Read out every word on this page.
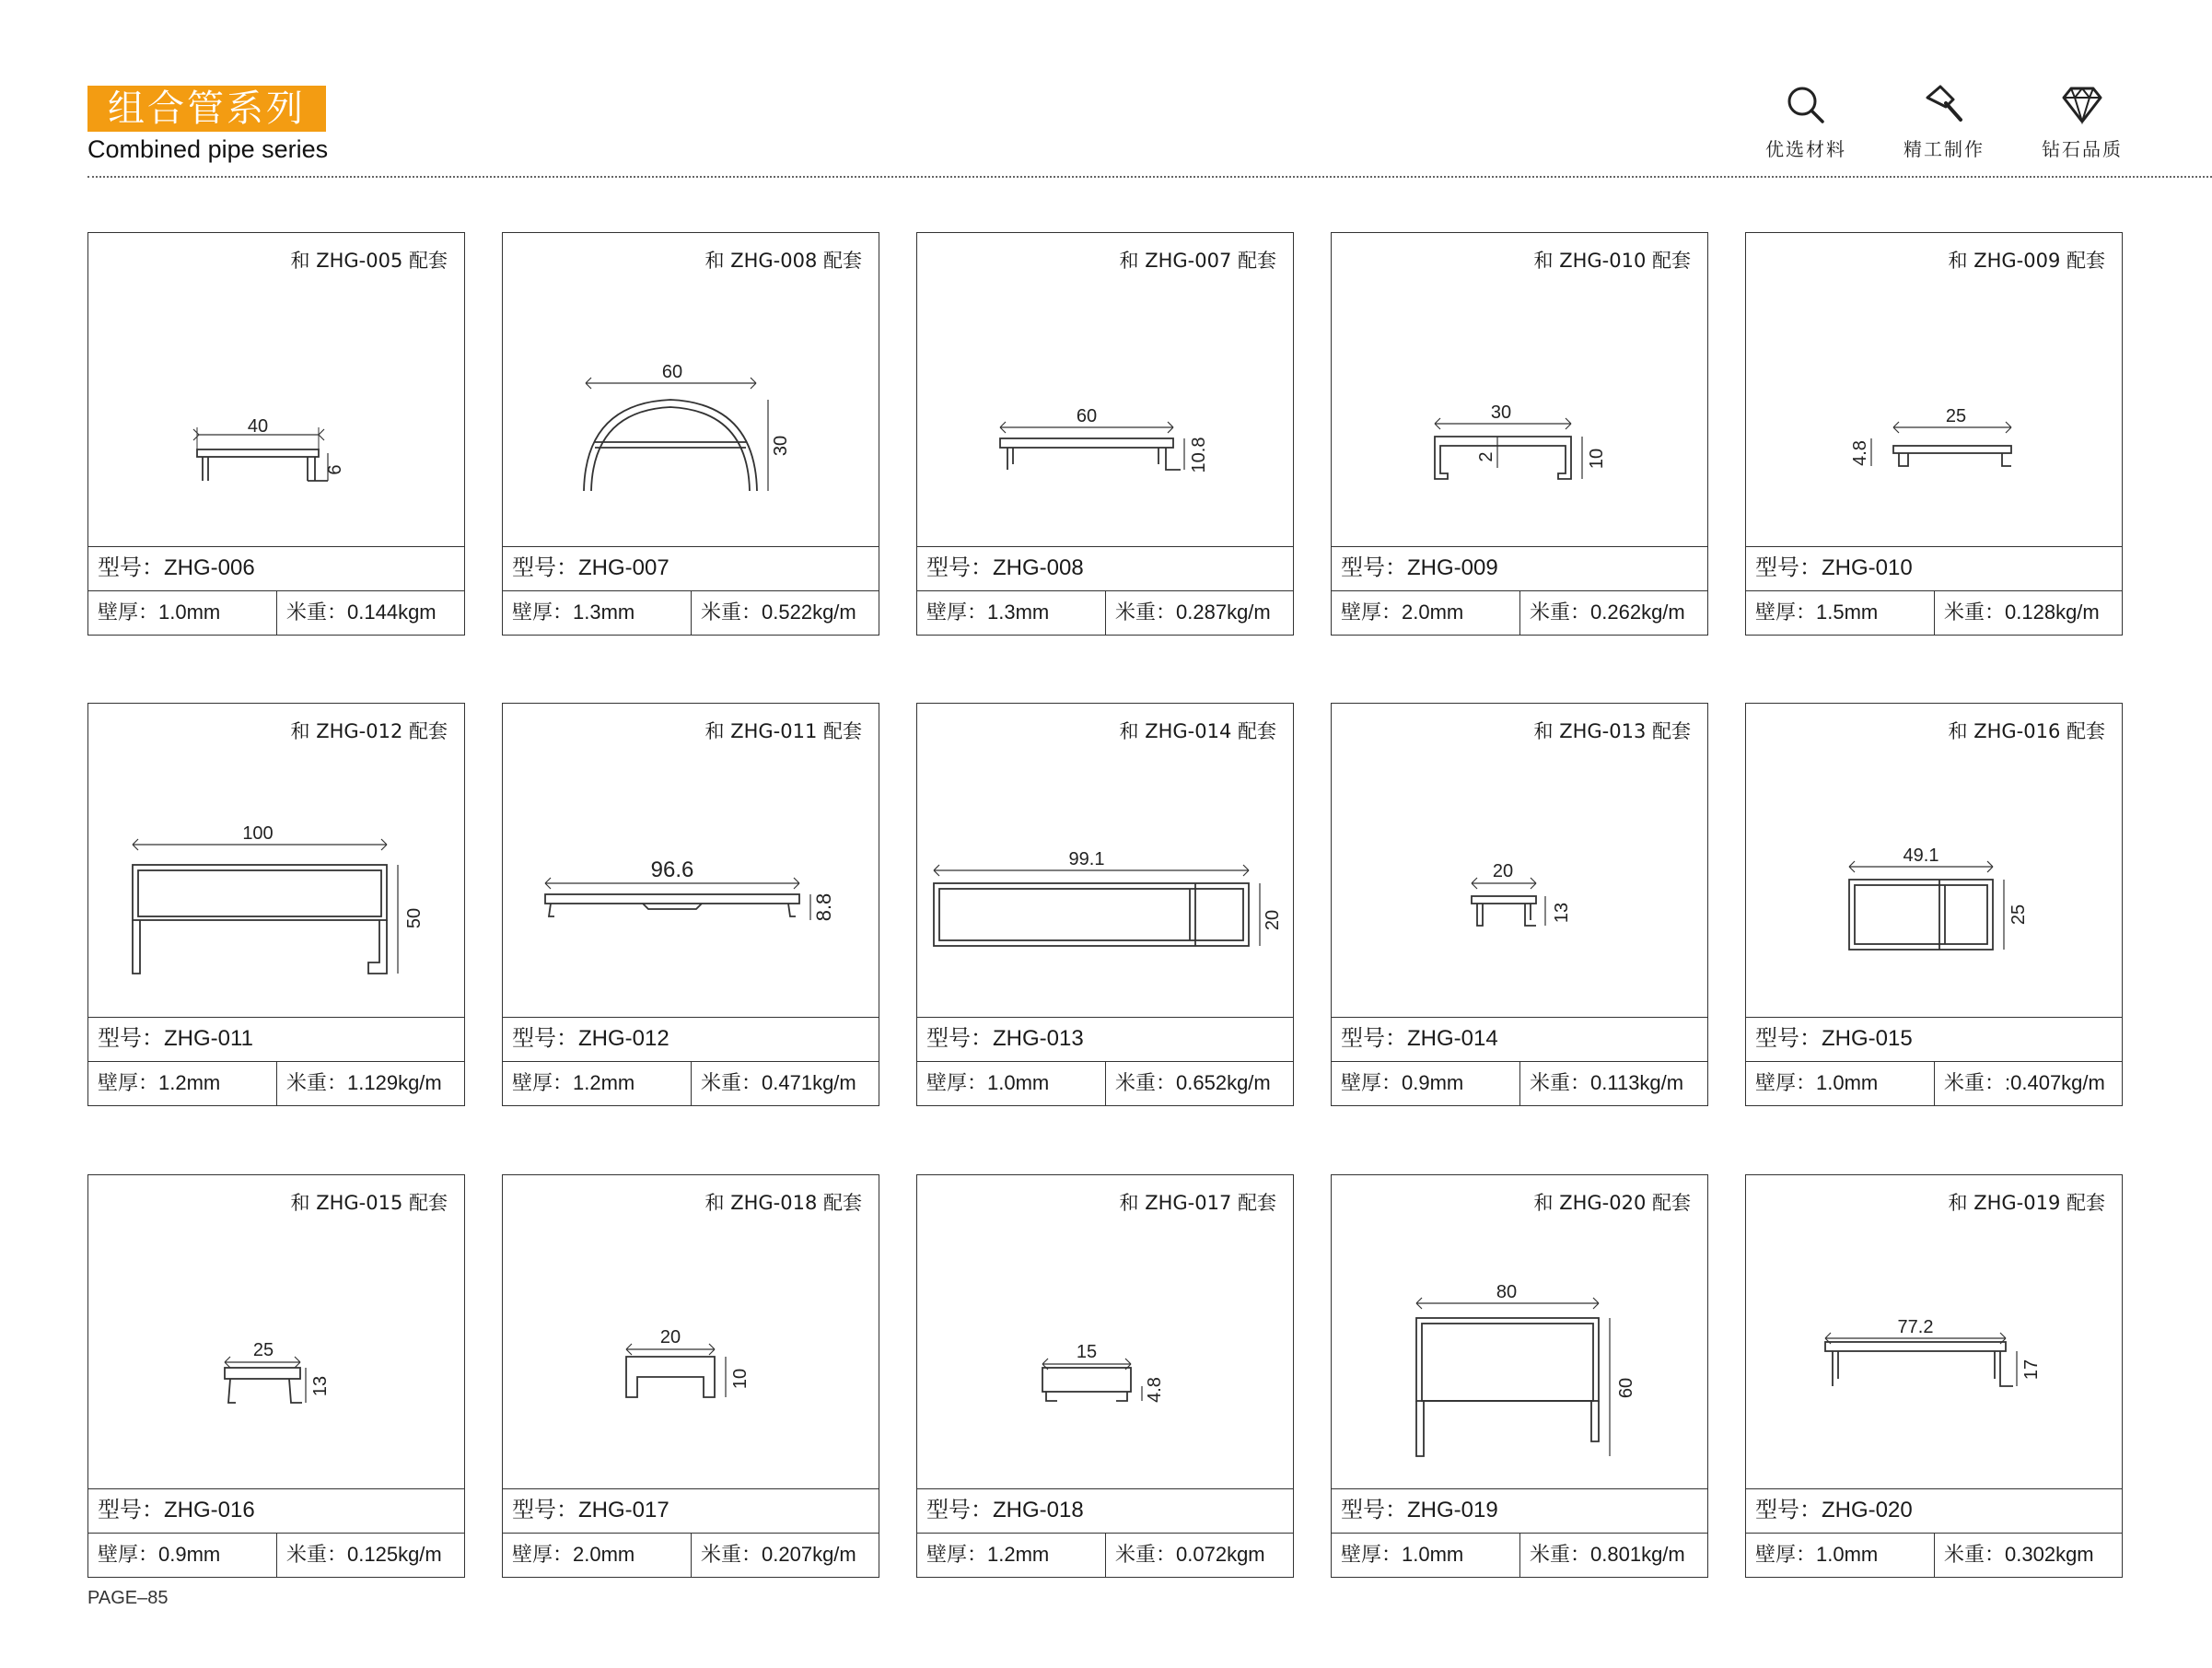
组合管系列
Combined pipe series	优选材料	精工制作	钻石品质
和 ZHG-005 配套
40
6
型号：ZHG-006
壁厚：1.0mm	米重：0.144kgm
和 ZHG-008 配套
60
30
型号：ZHG-007
壁厚：1.3mm	米重：0.522kg/m
和 ZHG-007 配套
60
10.8
型号：ZHG-008
壁厚：1.3mm	米重：0.287kg/m
和 ZHG-010 配套
30
10
2
型号：ZHG-009
壁厚：2.0mm	米重：0.262kg/m
和 ZHG-009 配套
25
4.8
型号：ZHG-010
壁厚：1.5mm	米重：0.128kg/m
和 ZHG-012 配套
100
50
型号：ZHG-011
壁厚：1.2mm	米重：1.129kg/m
和 ZHG-011 配套
96.6
8.8
型号：ZHG-012
壁厚：1.2mm	米重：0.471kg/m
和 ZHG-014 配套
99.1
20
型号：ZHG-013
壁厚：1.0mm	米重：0.652kg/m
和 ZHG-013 配套
20
13
型号：ZHG-014
壁厚：0.9mm	米重：0.113kg/m
和 ZHG-016 配套
49.1
25
型号：ZHG-015
壁厚：1.0mm	米重：:0.407kg/m
和 ZHG-015 配套
25
13
型号：ZHG-016
壁厚：0.9mm	米重：0.125kg/m
和 ZHG-018 配套
20
10
型号：ZHG-017
壁厚：2.0mm	米重：0.207kg/m
和 ZHG-017 配套
15
4.8
型号：ZHG-018
壁厚：1.2mm	米重：0.072kgm
和 ZHG-020 配套
80
60
型号：ZHG-019
壁厚：1.0mm	米重：0.801kg/m
和 ZHG-019 配套
77.2
17
型号：ZHG-020
壁厚：1.0mm	米重：0.302kgm
PAGE–85
